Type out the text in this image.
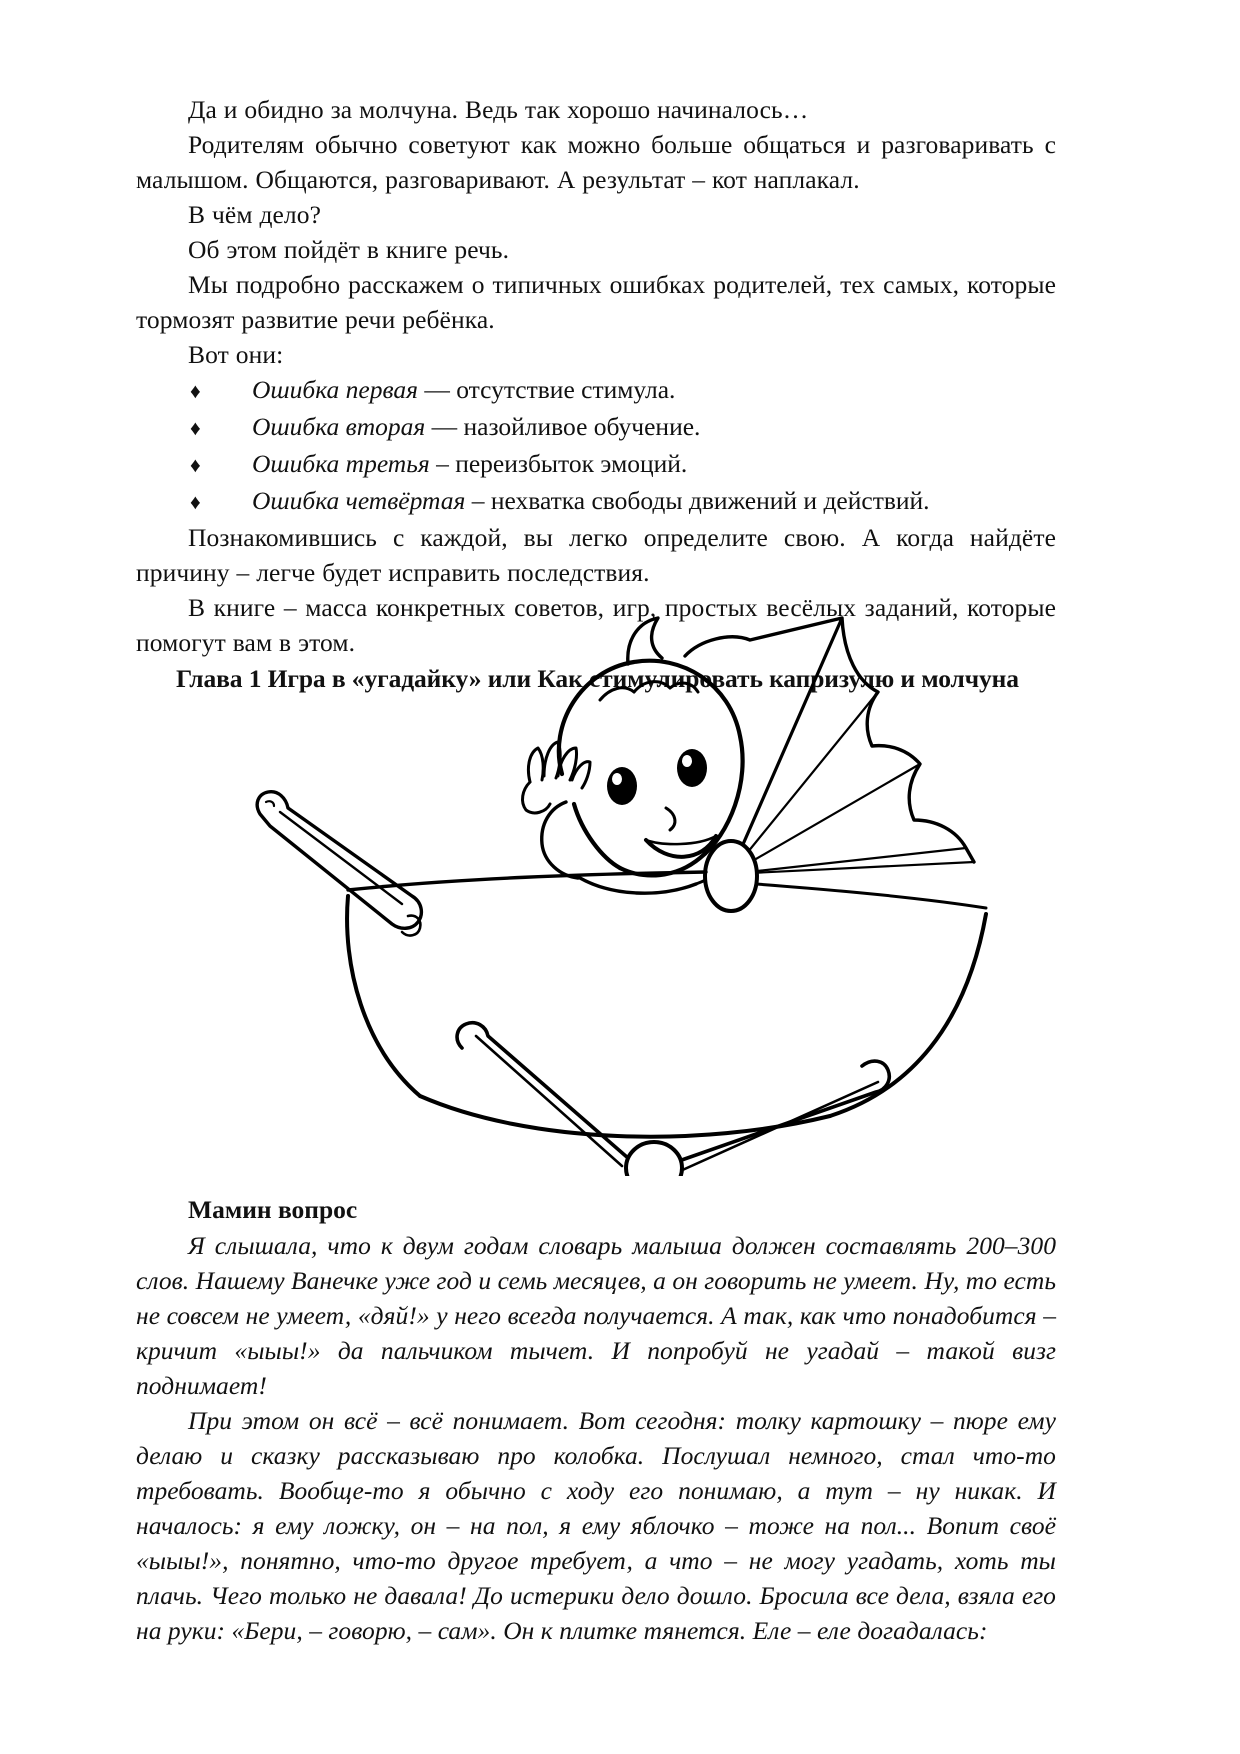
Да и обидно за молчуна. Ведь так хорошо начиналось…

Родителям обычно советуют как можно больше общаться и разговаривать с малышом. Общаются, разговаривают. А результат – кот наплакал.

В чём дело?

Об этом пойдёт в книге речь.

Мы подробно расскажем о типичных ошибках родителей, тех самых, которые тормозят развитие речи ребёнка.

Вот они:

♦ Ошибка первая — отсутствие стимула.
♦ Ошибка вторая — назойливое обучение.
♦ Ошибка третья – переизбыток эмоций.
♦ Ошибка четвёртая – нехватка свободы движений и действий.

Познакомившись с каждой, вы легко определите свою. А когда найдёте причину – легче будет исправить последствия.

В книге – масса конкретных советов, игр, простых весёлых заданий, которые помогут вам в этом.

Глава 1 Игра в «угадайку» или Как стимулировать капризулю и молчуна
Мамин вопрос

Я слышала, что к двум годам словарь малыша должен составлять 200–300 слов. Нашему Ванечке уже год и семь месяцев, а он говорить не умеет. Ну, то есть не совсем не умеет, «дяй!» у него всегда получается. А так, как что понадобится – кричит «ыыы!» да пальчиком тычет. И попробуй не угадай – такой визг поднимает!

При этом он всё – всё понимает. Вот сегодня: толку картошку – пюре ему делаю и сказку рассказываю про колобка. Послушал немного, стал что-то требовать. Вообще-то я обычно с ходу его понимаю, а тут – ну никак. И началось: я ему ложку, он – на пол, я ему яблочко – тоже на пол... Вопит своё «ыыы!», понятно, что-то другое требует, а что – не могу угадать, хоть ты плачь. Чего только не давала! До истерики дело дошло. Бросила все дела, взяла его на руки: «Бери, – говорю, – сам». Он к плитке тянется. Еле – еле догадалась:
